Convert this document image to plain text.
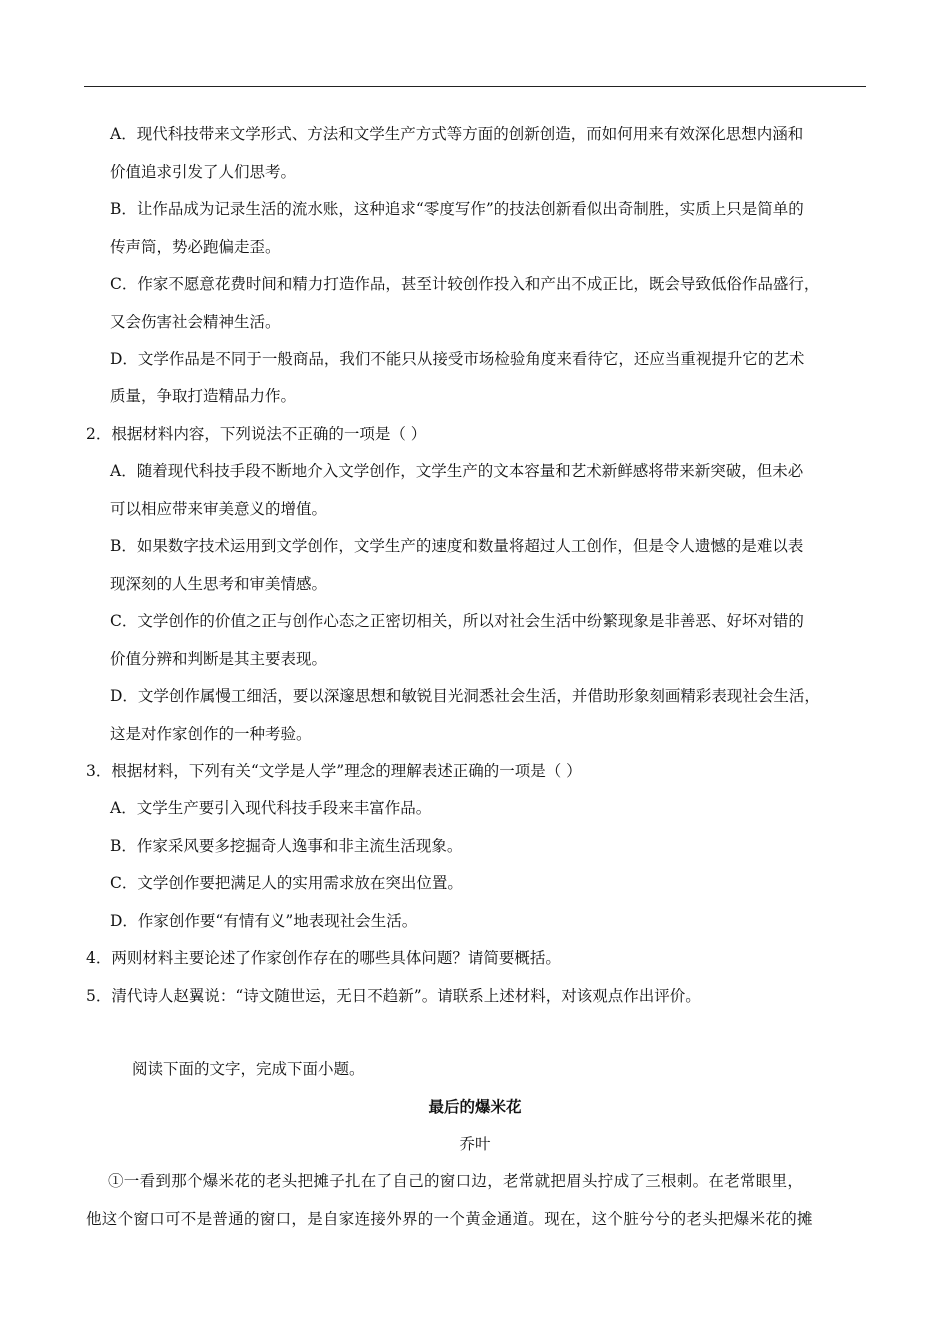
A．现代科技带来文学形式、方法和文学生产方式等方面的创新创造，而如何用来有效深化思想内涵和
价值追求引发了人们思考。
B．让作品成为记录生活的流水账，这种追求“零度写作”的技法创新看似出奇制胜，实质上只是简单的
传声筒，势必跑偏走歪。
C．作家不愿意花费时间和精力打造作品，甚至计较创作投入和产出不成正比，既会导致低俗作品盛行，
又会伤害社会精神生活。
D．文学作品是不同于一般商品，我们不能只从接受市场检验角度来看待它，还应当重视提升它的艺术
质量，争取打造精品力作。
2．根据材料内容，下列说法不正确的一项是（ ）
A．随着现代科技手段不断地介入文学创作，文学生产的文本容量和艺术新鲜感将带来新突破，但未必
可以相应带来审美意义的增值。
B．如果数字技术运用到文学创作，文学生产的速度和数量将超过人工创作，但是令人遗憾的是难以表
现深刻的人生思考和审美情感。
C．文学创作的价值之正与创作心态之正密切相关，所以对社会生活中纷繁现象是非善恶、好坏对错的
价值分辨和判断是其主要表现。
D．文学创作属慢工细活，要以深邃思想和敏锐目光洞悉社会生活，并借助形象刻画精彩表现社会生活，
这是对作家创作的一种考验。
3．根据材料，下列有关“文学是人学”理念的理解表述正确的一项是（ ）
A．文学生产要引入现代科技手段来丰富作品。
B．作家采风要多挖掘奇人逸事和非主流生活现象。
C．文学创作要把满足人的实用需求放在突出位置。
D．作家创作要“有情有义”地表现社会生活。
4．两则材料主要论述了作家创作存在的哪些具体问题？请简要概括。
5．清代诗人赵翼说：“诗文随世运，无日不趋新”。请联系上述材料，对该观点作出评价。
阅读下面的文字，完成下面小题。
最后的爆米花
乔叶
①一看到那个爆米花的老头把摊子扎在了自己的窗口边，老常就把眉头拧成了三根刺。在老常眼里，
他这个窗口可不是普通的窗口，是自家连接外界的一个黄金通道。现在，这个脏兮兮的老头把爆米花的摊
